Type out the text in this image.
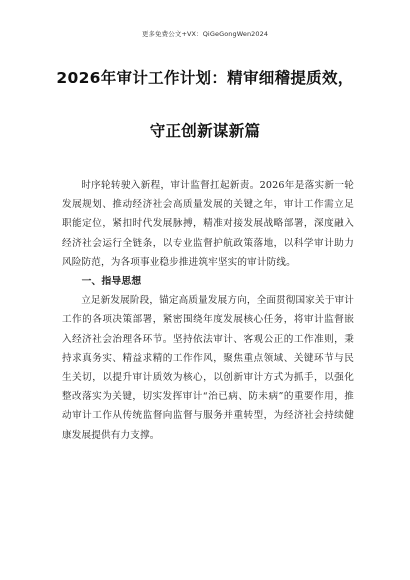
更多免费公文+VX：QiGeGongWen2024
2026年审计工作计划：精审细稽提质效，
守正创新谋新篇

时序轮转驶入新程，审计监督扛起新责。2026年是落实新一轮发展规划、推动经济社会高质量发展的关键之年，审计工作需立足职能定位，紧扣时代发展脉搏，精准对接发展战略部署，深度融入经济社会运行全链条，以专业监督护航政策落地，以科学审计助力风险防范，为各项事业稳步推进筑牢坚实的审计防线。

一、指导思想

立足新发展阶段，锚定高质量发展方向，全面贯彻国家关于审计工作的各项决策部署，紧密围绕年度发展核心任务，将审计监督嵌入经济社会治理各环节。坚持依法审计、客观公正的工作准则，秉持求真务实、精益求精的工作作风，聚焦重点领域、关键环节与民生关切，以提升审计质效为核心，以创新审计方式为抓手，以强化整改落实为关键，切实发挥审计“治已病、防未病”的重要作用，推动审计工作从传统监督向监督与服务并重转型，为经济社会持续健康发展提供有力支撑。
